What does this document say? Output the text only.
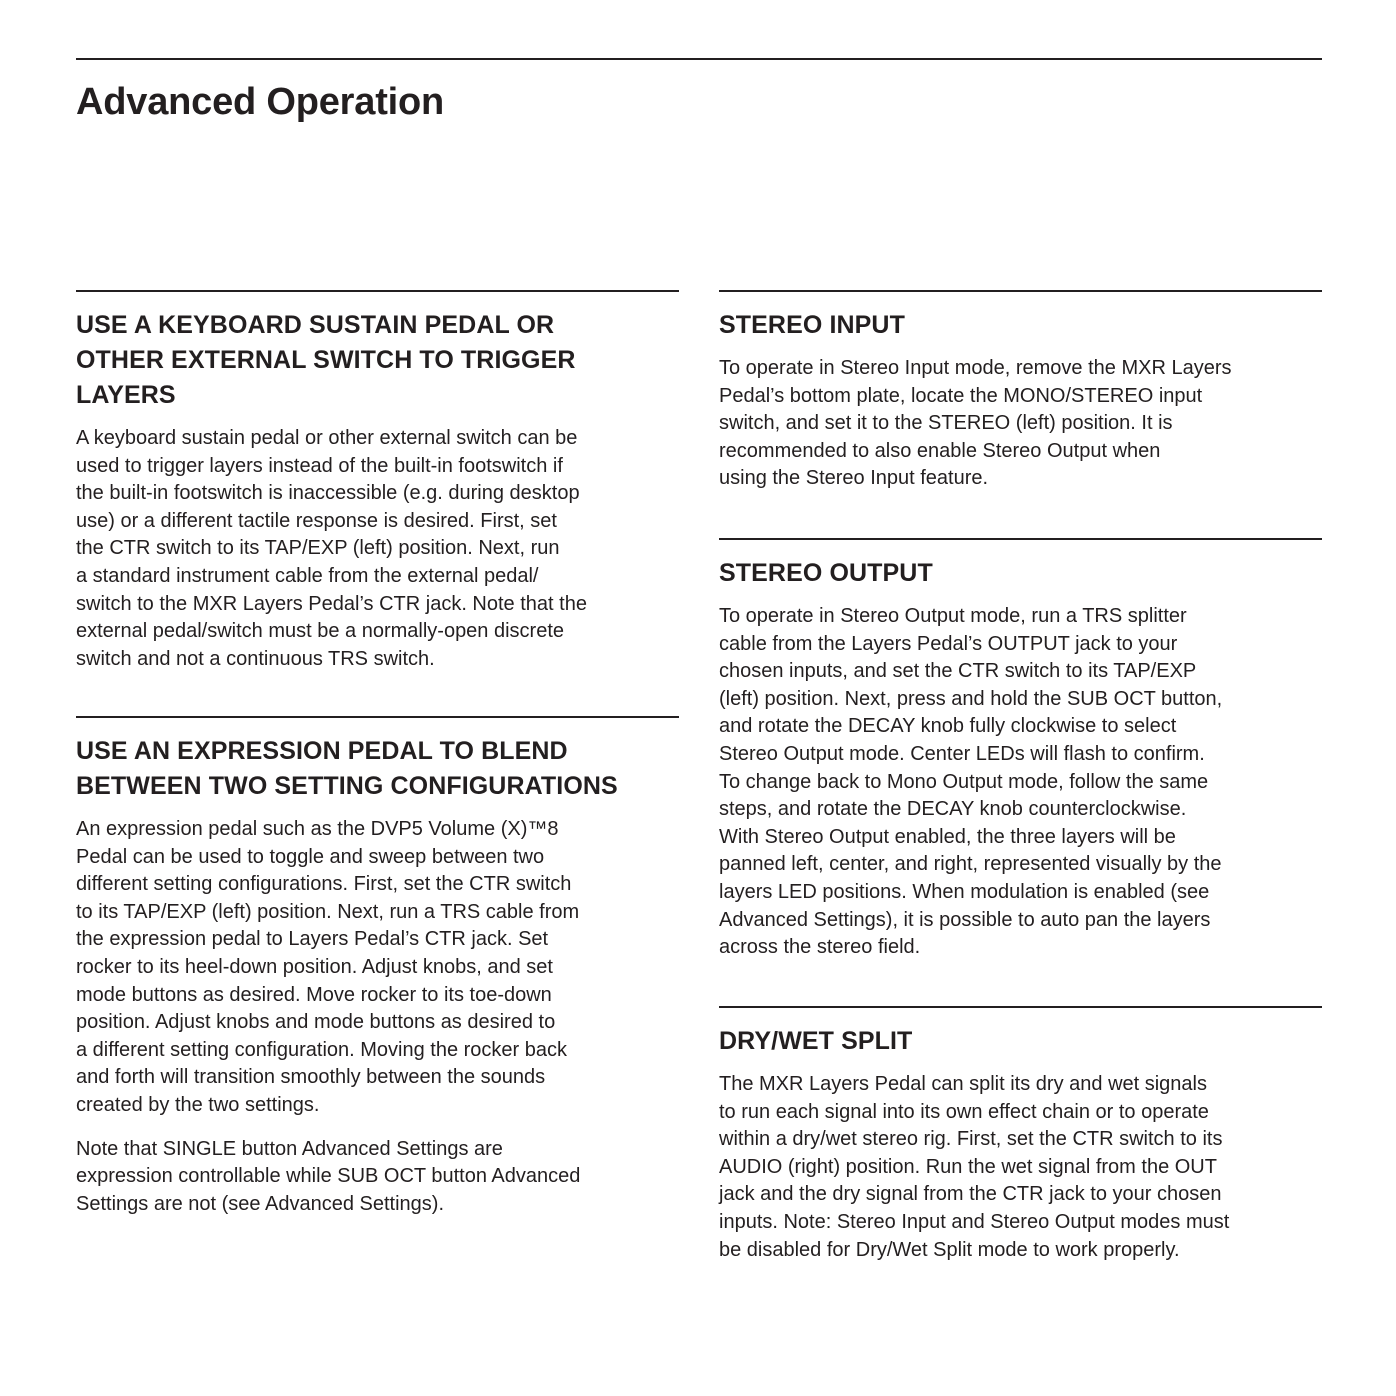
Advanced Operation
USE A KEYBOARD SUSTAIN PEDAL OR
OTHER EXTERNAL SWITCH TO TRIGGER
LAYERS

A keyboard sustain pedal or other external switch can be
used to trigger layers instead of the built-in footswitch if
the built-in footswitch is inaccessible (e.g. during desktop
use) or a different tactile response is desired. First, set
the CTR switch to its TAP/EXP (left) position. Next, run
a standard instrument cable from the external pedal/
switch to the MXR Layers Pedal’s CTR jack. Note that the
external pedal/switch must be a normally-open discrete
switch and not a continuous TRS switch.

USE AN EXPRESSION PEDAL TO BLEND
BETWEEN TWO SETTING CONFIGURATIONS

An expression pedal such as the DVP5 Volume (X)™8
Pedal can be used to toggle and sweep between two
different setting configurations. First, set the CTR switch
to its TAP/EXP (left) position. Next, run a TRS cable from
the expression pedal to Layers Pedal’s CTR jack. Set
rocker to its heel-down position. Adjust knobs, and set
mode buttons as desired. Move rocker to its toe-down
position. Adjust knobs and mode buttons as desired to
a different setting configuration. Moving the rocker back
and forth will transition smoothly between the sounds
created by the two settings.

Note that SINGLE button Advanced Settings are
expression controllable while SUB OCT button Advanced
Settings are not (see Advanced Settings).

STEREO INPUT

To operate in Stereo Input mode, remove the MXR Layers
Pedal’s bottom plate, locate the MONO/STEREO input
switch, and set it to the STEREO (left) position. It is
recommended to also enable Stereo Output when
using the Stereo Input feature.

STEREO OUTPUT

To operate in Stereo Output mode, run a TRS splitter
cable from the Layers Pedal’s OUTPUT jack to your
chosen inputs, and set the CTR switch to its TAP/EXP
(left) position. Next, press and hold the SUB OCT button,
and rotate the DECAY knob fully clockwise to select
Stereo Output mode. Center LEDs will flash to confirm.
To change back to Mono Output mode, follow the same
steps, and rotate the DECAY knob counterclockwise.
With Stereo Output enabled, the three layers will be
panned left, center, and right, represented visually by the
layers LED positions. When modulation is enabled (see
Advanced Settings), it is possible to auto pan the layers
across the stereo field.

DRY/WET SPLIT

The MXR Layers Pedal can split its dry and wet signals
to run each signal into its own effect chain or to operate
within a dry/wet stereo rig. First, set the CTR switch to its
AUDIO (right) position. Run the wet signal from the OUT
jack and the dry signal from the CTR jack to your chosen
inputs. Note: Stereo Input and Stereo Output modes must
be disabled for Dry/Wet Split mode to work properly.
